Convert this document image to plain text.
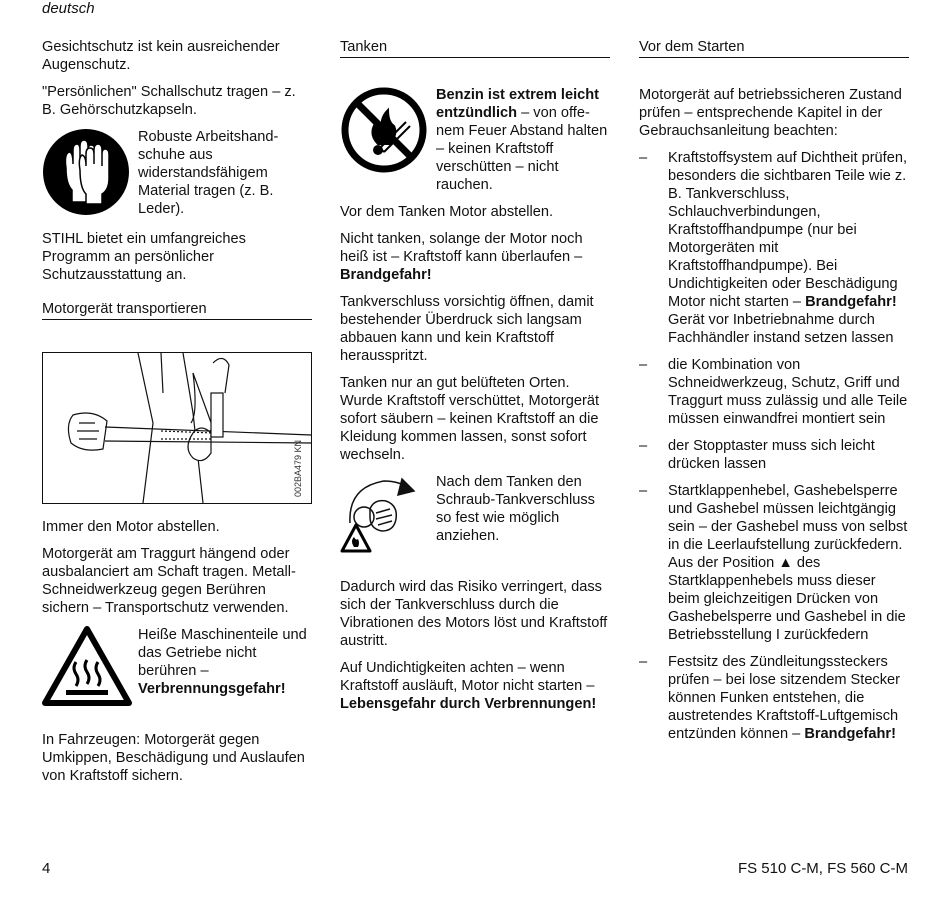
deutsch

Gesichtschutz ist kein ausreichender Augenschutz.

"Persönlichen" Schallschutz tragen – z. B. Gehörschutzkapseln.

Robuste Arbeitshandschuhe aus widerstandsfähigem Material tragen (z. B. Leder).

STIHL bietet ein umfangreiches Programm an persönlicher Schutzausstattung an.

Motorgerät transportieren
002BA479 KN

Immer den Motor abstellen.

Motorgerät am Traggurt hängend oder ausbalanciert am Schaft tragen. Metall-Schneidwerkzeug gegen Berühren sichern – Transportschutz verwenden.

Heiße Maschinenteile und das Getriebe nicht berühren –
Verbrennungsgefahr!

In Fahrzeugen: Motorgerät gegen Umkippen, Beschädigung und Auslaufen von Kraftstoff sichern.

Tanken
Benzin ist extrem leicht entzündlich – von offenem Feuer Abstand halten – keinen Kraftstoff verschütten – nicht rauchen.

Vor dem Tanken Motor abstellen.

Nicht tanken, solange der Motor noch heiß ist – Kraftstoff kann überlaufen –
Brandgefahr!

Tankverschluss vorsichtig öffnen, damit bestehender Überdruck sich langsam abbauen kann und kein Kraftstoff herausspritzt.

Tanken nur an gut belüfteten Orten. Wurde Kraftstoff verschüttet, Motorgerät sofort säubern – keinen Kraftstoff an die Kleidung kommen lassen, sonst sofort wechseln.

Nach dem Tanken den Schraub-Tankverschluss so fest wie möglich anziehen.

Dadurch wird das Risiko verringert, dass sich der Tankverschluss durch die Vibrationen des Motors löst und Kraftstoff austritt.

Auf Undichtigkeiten achten – wenn Kraftstoff ausläuft, Motor nicht starten –
Lebensgefahr durch Verbrennungen!

Vor dem Starten

Motorgerät auf betriebssicheren Zustand prüfen – entsprechende Kapitel in der Gebrauchsanleitung beachten:

–	Kraftstoffsystem auf Dichtheit prüfen, besonders die sichtbaren Teile wie z. B. Tankverschluss, Schlauchverbindungen, Kraftstoffhandpumpe (nur bei Motorgeräten mit Kraftstoffhandpumpe). Bei Undichtigkeiten oder Beschädigung Motor nicht starten – Brandgefahr! Gerät vor Inbetriebnahme durch Fachhändler instand setzen lassen
–	die Kombination von Schneidwerkzeug, Schutz, Griff und Traggurt muss zulässig und alle Teile müssen einwandfrei montiert sein
–	der Stopptaster muss sich leicht drücken lassen
–	Startklappenhebel, Gashebelsperre und Gashebel müssen leichtgängig sein – der Gashebel muss von selbst in die Leerlaufstellung zurückfedern. Aus der Position ▲ des Startklappenhebels muss dieser beim gleichzeitigen Drücken von Gashebelsperre und Gashebel in die Betriebsstellung I zurückfedern
–	Festsitz des Zündleitungssteckers prüfen – bei lose sitzendem Stecker können Funken entstehen, die austretendes Kraftstoff-Luftgemisch entzünden können – Brandgefahr!
4	FS 510 C-M, FS 560 C-M
